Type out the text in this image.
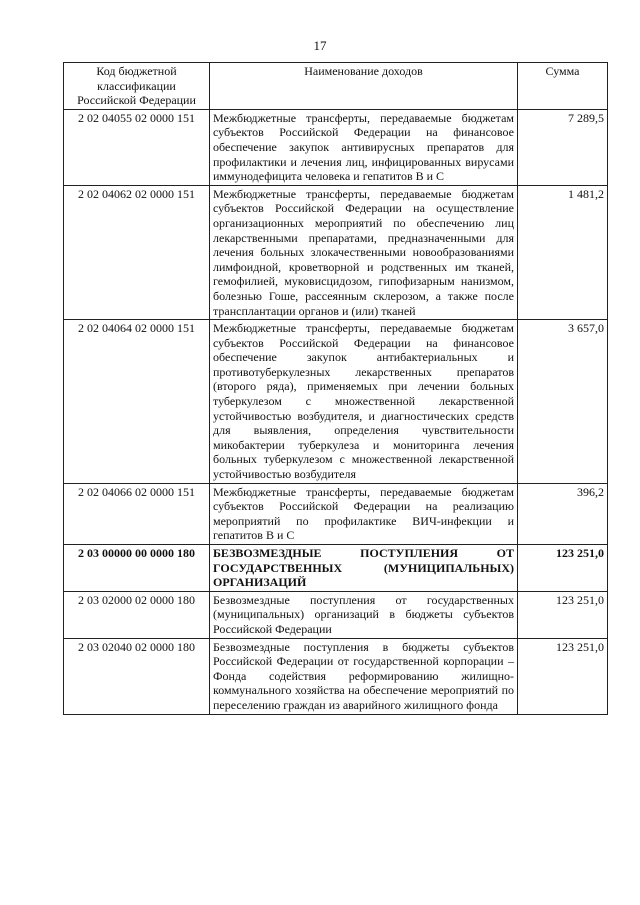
17
Код бюджетной классификации Российской Федерации	Наименование доходов	Сумма
2 02 04055 02 0000 151	Межбюджетные трансферты, передаваемые бюджетам субъектов Российской Федерации на финансовое обеспечение закупок антивирусных препаратов для профилактики и лечения лиц, инфицированных вирусами иммунодефицита человека и гепатитов В и С	7 289,5
2 02 04062 02 0000 151	Межбюджетные трансферты, передаваемые бюджетам субъектов Российской Федерации на осуществление организационных мероприятий по обеспечению лиц лекарственными препаратами, предназначенными для лечения больных злокачественными новообразованиями лимфоидной, кроветворной и родственных им тканей, гемофилией, муковисцидозом, гипофизарным нанизмом, болезнью Гоше, рассеянным склерозом, а также после трансплантации органов и (или) тканей	1 481,2
2 02 04064 02 0000 151	Межбюджетные трансферты, передаваемые бюджетам субъектов Российской Федерации на финансовое обеспечение закупок антибактериальных и противотуберкулезных лекарственных препаратов (второго ряда), применяемых при лечении больных туберкулезом с множественной лекарственной устойчивостью возбудителя, и диагностических средств для выявления, определения чувствительности микобактерии туберкулеза и мониторинга лечения больных туберкулезом с множественной лекарственной устойчивостью возбудителя	3 657,0
2 02 04066 02 0000 151	Межбюджетные трансферты, передаваемые бюджетам субъектов Российской Федерации на реализацию мероприятий по профилактике ВИЧ-инфекции и гепатитов В и С	396,2
2 03 00000 00 0000 180	БЕЗВОЗМЕЗДНЫЕ ПОСТУПЛЕНИЯ ОТ ГОСУДАРСТВЕННЫХ (МУНИЦИПАЛЬНЫХ) ОРГАНИЗАЦИЙ	123 251,0
2 03 02000 02 0000 180	Безвозмездные поступления от государственных (муниципальных) организаций в бюджеты субъектов Российской Федерации	123 251,0
2 03 02040 02 0000 180	Безвозмездные поступления в бюджеты субъектов Российской Федерации от государственной корпорации – Фонда содействия реформированию жилищно-коммунального хозяйства на обеспечение мероприятий по переселению граждан из аварийного жилищного фонда	123 251,0
